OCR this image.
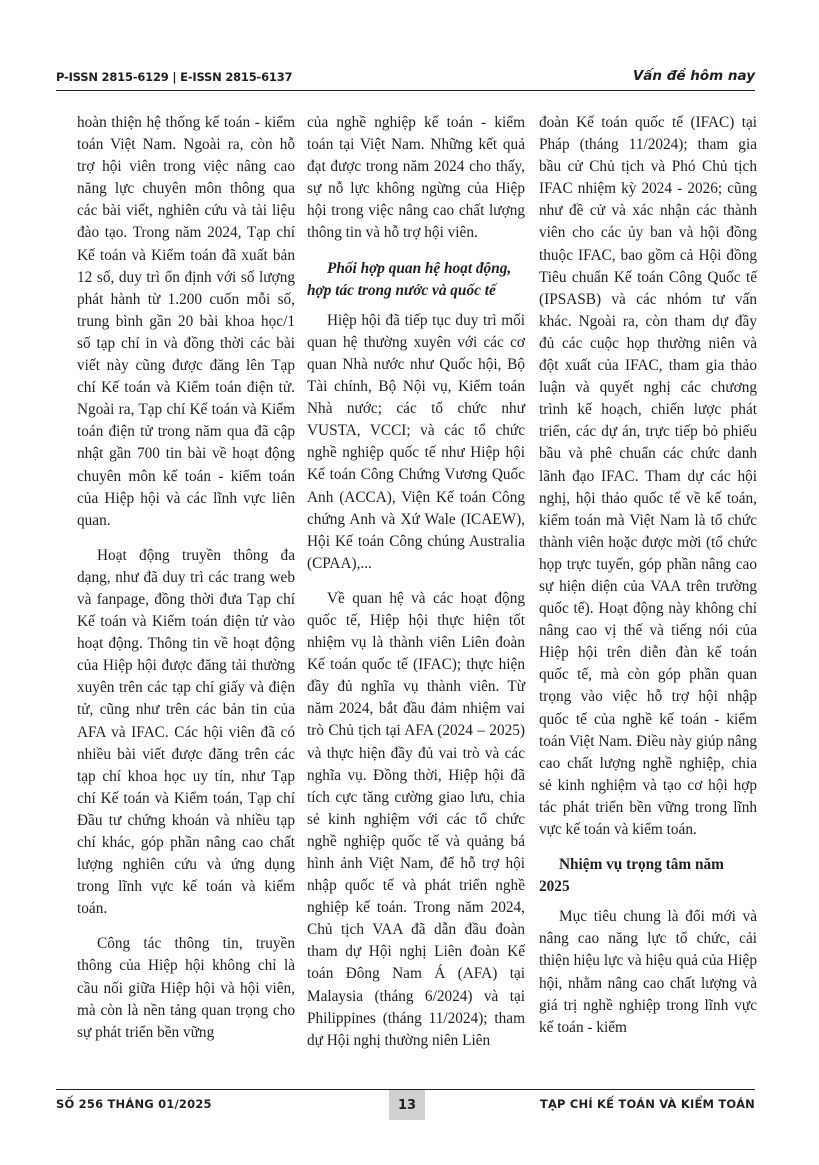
P-ISSN 2815-6129 | E-ISSN 2815-6137	Vấn đề hôm nay

hoàn thiện hệ thống kế toán - kiểm toán Việt Nam. Ngoài ra, còn hỗ trợ hội viên trong việc nâng cao năng lực chuyên môn thông qua các bài viết, nghiên cứu và tài liệu đào tạo. Trong năm 2024, Tạp chí Kế toán và Kiểm toán đã xuất bản 12 số, duy trì ổn định với số lượng phát hành từ 1.200 cuốn mỗi số, trung bình gần 20 bài khoa học/1 số tạp chí in và đồng thời các bài viết này cũng được đăng lên Tạp chí Kế toán và Kiểm toán điện tử. Ngoài ra, Tạp chí Kế toán và Kiểm toán điện tử trong năm qua đã cập nhật gần 700 tin bài về hoạt động chuyên môn kế toán - kiểm toán của Hiệp hội và các lĩnh vực liên quan.

Hoạt động truyền thông đa dạng, như đã duy trì các trang web và fanpage, đồng thời đưa Tạp chí Kế toán và Kiểm toán điện tử vào hoạt động. Thông tin về hoạt động của Hiệp hội được đăng tải thường xuyên trên các tạp chí giấy và điện tử, cũng như trên các bản tin của AFA và IFAC. Các hội viên đã có nhiều bài viết được đăng trên các tạp chí khoa học uy tín, như Tạp chí Kế toán và Kiểm toán, Tạp chí Đầu tư chứng khoán và nhiều tạp chí khác, góp phần nâng cao chất lượng nghiên cứu và ứng dụng trong lĩnh vực kế toán và kiểm toán.

Công tác thông tin, truyền thông của Hiệp hội không chỉ là cầu nối giữa Hiệp hội và hội viên, mà còn là nền tảng quan trọng cho sự phát triển bền vững

của nghề nghiệp kế toán - kiểm toán tại Việt Nam. Những kết quả đạt được trong năm 2024 cho thấy, sự nỗ lực không ngừng của Hiệp hội trong việc nâng cao chất lượng thông tin và hỗ trợ hội viên.

Phối hợp quan hệ hoạt động, hợp tác trong nước và quốc tế

Hiệp hội đã tiếp tục duy trì mối quan hệ thường xuyên với các cơ quan Nhà nước như Quốc hội, Bộ Tài chính, Bộ Nội vụ, Kiểm toán Nhà nước; các tổ chức như VUSTA, VCCI; và các tổ chức nghề nghiệp quốc tế như Hiệp hội Kế toán Công Chứng Vương Quốc Anh (ACCA), Viện Kế toán Công chứng Anh và Xứ Wale (ICAEW), Hội Kế toán Công chúng Australia (CPAA),...

Về quan hệ và các hoạt động quốc tế, Hiệp hội thực hiện tốt nhiệm vụ là thành viên Liên đoàn Kế toán quốc tế (IFAC); thực hiện đầy đủ nghĩa vụ thành viên. Từ năm 2024, bắt đầu đảm nhiệm vai trò Chủ tịch tại AFA (2024 – 2025) và thực hiện đầy đủ vai trò và các nghĩa vụ. Đồng thời, Hiệp hội đã tích cực tăng cường giao lưu, chia sẻ kinh nghiệm với các tổ chức nghề nghiệp quốc tế và quảng bá hình ảnh Việt Nam, để hỗ trợ hội nhập quốc tế và phát triển nghề nghiệp kế toán. Trong năm 2024, Chủ tịch VAA đã dẫn đầu đoàn tham dự Hội nghị Liên đoàn Kế toán Đông Nam Á (AFA) tại Malaysia (tháng 6/2024) và tại Philippines (tháng 11/2024); tham dự Hội nghị thường niên Liên

đoàn Kế toán quốc tế (IFAC) tại Pháp (tháng 11/2024); tham gia bầu cử Chủ tịch và Phó Chủ tịch IFAC nhiệm kỳ 2024 - 2026; cũng như đề cử và xác nhận các thành viên cho các ủy ban và hội đồng thuộc IFAC, bao gồm cả Hội đồng Tiêu chuẩn Kế toán Công Quốc tế (IPSASB) và các nhóm tư vấn khác. Ngoài ra, còn tham dự đầy đủ các cuộc họp thường niên và đột xuất của IFAC, tham gia thảo luận và quyết nghị các chương trình kế hoạch, chiến lược phát triển, các dự án, trực tiếp bỏ phiếu bầu và phê chuẩn các chức danh lãnh đạo IFAC. Tham dự các hội nghị, hội thảo quốc tế về kế toán, kiểm toán mà Việt Nam là tổ chức thành viên hoặc được mời (tổ chức họp trực tuyến, góp phần nâng cao sự hiện diện của VAA trên trường quốc tế). Hoạt động này không chỉ nâng cao vị thế và tiếng nói của Hiệp hội trên diễn đàn kế toán quốc tế, mà còn góp phần quan trọng vào việc hỗ trợ hội nhập quốc tế của nghề kế toán - kiểm toán Việt Nam. Điều này giúp nâng cao chất lượng nghề nghiệp, chia sẻ kinh nghiệm và tạo cơ hội hợp tác phát triển bền vững trong lĩnh vực kế toán và kiểm toán.

Nhiệm vụ trọng tâm năm 2025

Mục tiêu chung là đổi mới và nâng cao năng lực tổ chức, cải thiện hiệu lực và hiệu quả của Hiệp hội, nhằm nâng cao chất lượng và giá trị nghề nghiệp trong lĩnh vực kế toán - kiểm

SỐ 256 THÁNG 01/2025	13	TẠP CHÍ KẾ TOÁN VÀ KIỂM TOÁN
